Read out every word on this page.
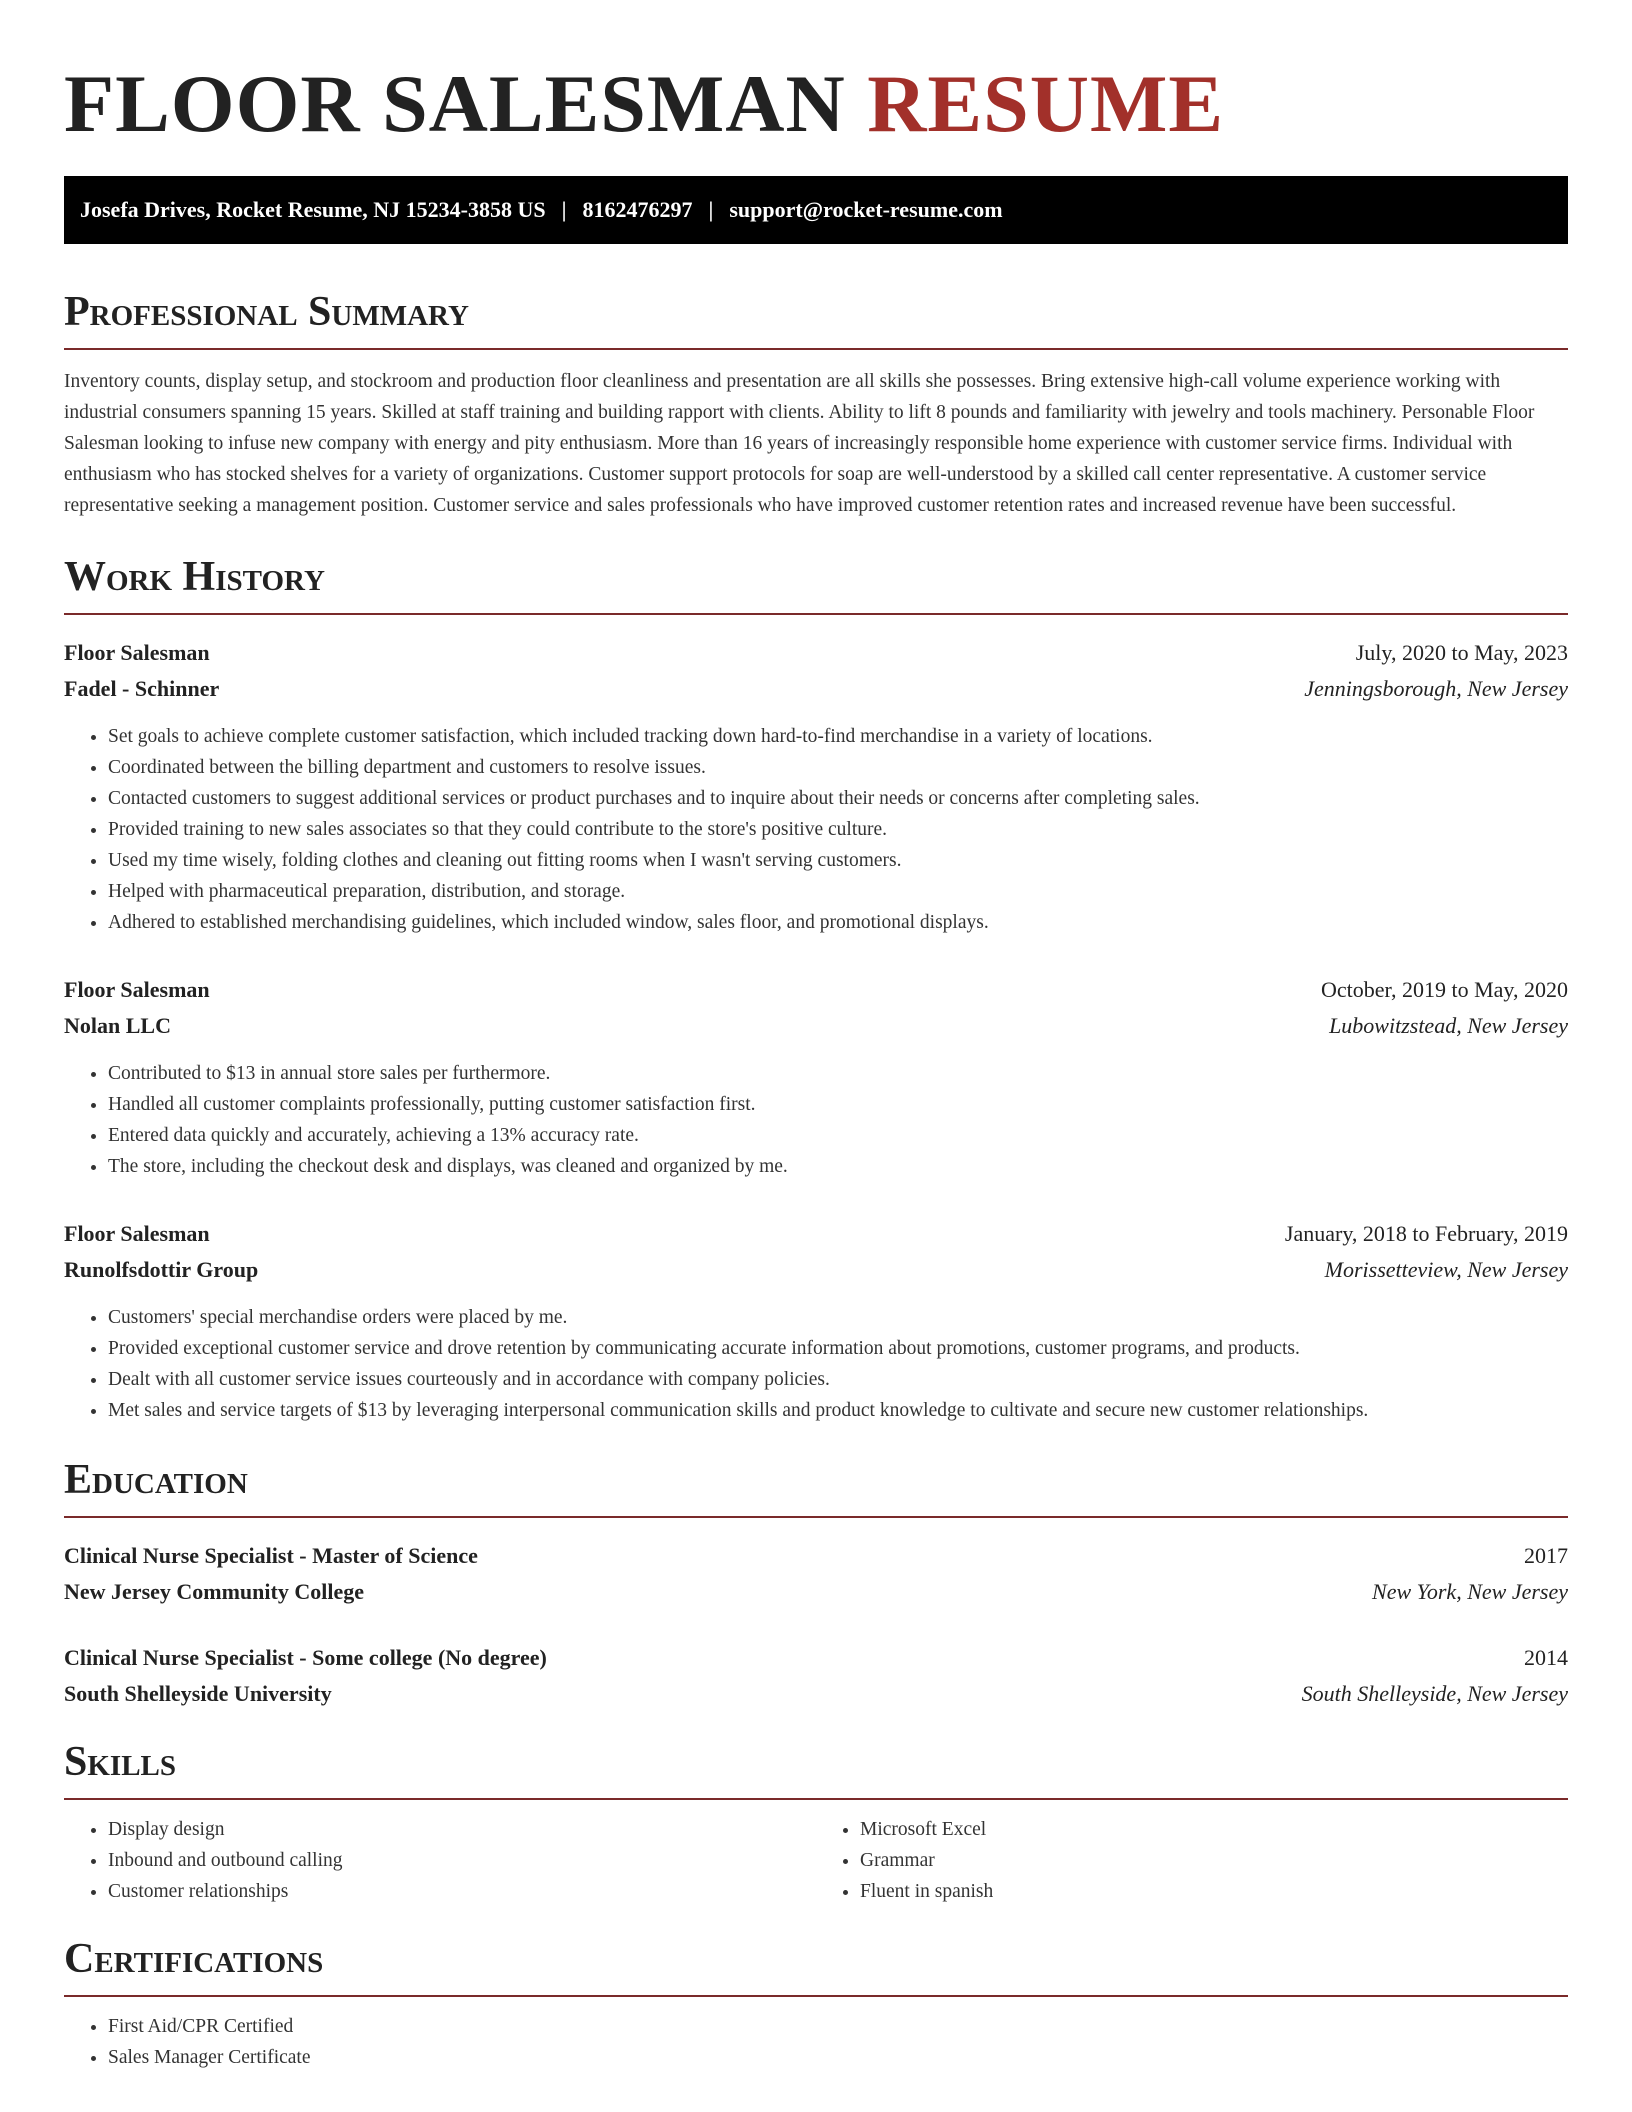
FLOOR SALESMAN RESUME
Josefa Drives, Rocket Resume, NJ 15234-3858 US | 8162476297 | support@rocket-resume.com
Professional Summary

Inventory counts, display setup, and stockroom and production floor cleanliness and presentation are all skills she possesses. Bring extensive high-call volume experience working with industrial consumers spanning 15 years. Skilled at staff training and building rapport with clients. Ability to lift 8 pounds and familiarity with jewelry and tools machinery. Personable Floor Salesman looking to infuse new company with energy and pity enthusiasm. More than 16 years of increasingly responsible home experience with customer service firms. Individual with enthusiasm who has stocked shelves for a variety of organizations. Customer support protocols for soap are well-understood by a skilled call center representative. A customer service representative seeking a management position. Customer service and sales professionals who have improved customer retention rates and increased revenue have been successful.

Work History
Floor Salesman	July, 2020 to May, 2023
Fadel - Schinner	Jenningsborough, New Jersey
• Set goals to achieve complete customer satisfaction, which included tracking down hard-to-find merchandise in a variety of locations.
• Coordinated between the billing department and customers to resolve issues.
• Contacted customers to suggest additional services or product purchases and to inquire about their needs or concerns after completing sales.
• Provided training to new sales associates so that they could contribute to the store's positive culture.
• Used my time wisely, folding clothes and cleaning out fitting rooms when I wasn't serving customers.
• Helped with pharmaceutical preparation, distribution, and storage.
• Adhered to established merchandising guidelines, which included window, sales floor, and promotional displays.
Floor Salesman	October, 2019 to May, 2020
Nolan LLC	Lubowitzstead, New Jersey
• Contributed to $13 in annual store sales per furthermore.
• Handled all customer complaints professionally, putting customer satisfaction first.
• Entered data quickly and accurately, achieving a 13% accuracy rate.
• The store, including the checkout desk and displays, was cleaned and organized by me.
Floor Salesman	January, 2018 to February, 2019
Runolfsdottir Group	Morissetteview, New Jersey
• Customers' special merchandise orders were placed by me.
• Provided exceptional customer service and drove retention by communicating accurate information about promotions, customer programs, and products.
• Dealt with all customer service issues courteously and in accordance with company policies.
• Met sales and service targets of $13 by leveraging interpersonal communication skills and product knowledge to cultivate and secure new customer relationships.
Education
Clinical Nurse Specialist - Master of Science	2017
New Jersey Community College	New York, New Jersey
Clinical Nurse Specialist - Some college (No degree)	2014
South Shelleyside University	South Shelleyside, New Jersey
Skills
• Display design
• Inbound and outbound calling
• Customer relationships
• Microsoft Excel
• Grammar
• Fluent in spanish
Certifications
• First Aid/CPR Certified
• Sales Manager Certificate
